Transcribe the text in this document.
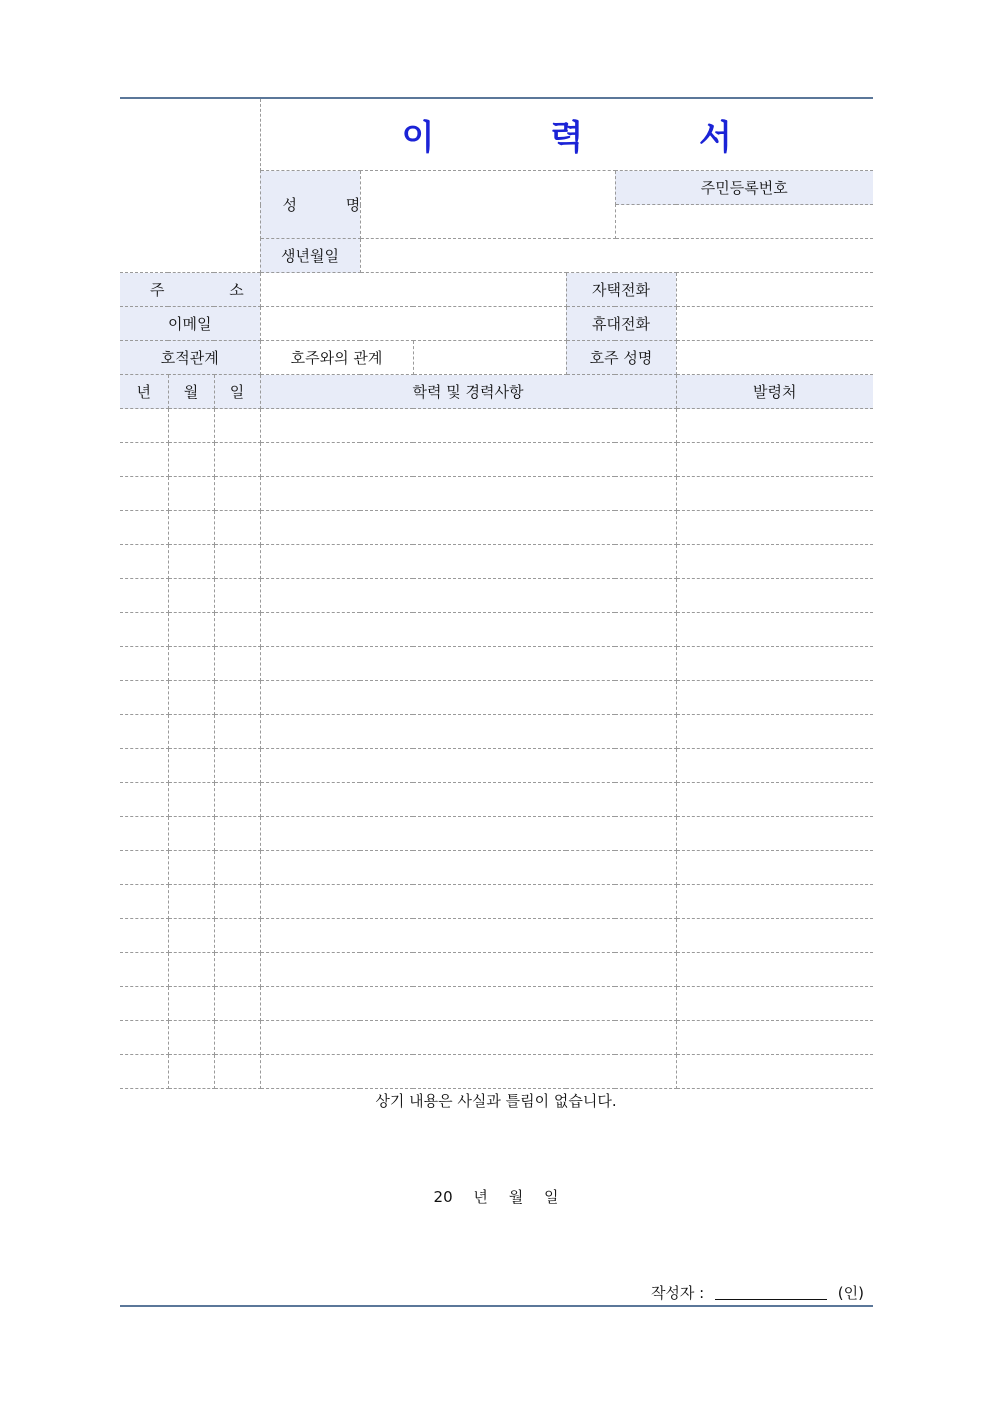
			이 력 서					
			성 명				주민등록번호	

			생년월일					
주 소						자택전화		
이메일						휴대전화		
호적관계			호주와의 관계			호주 성명		
년	월	일	학력 및 경력사항					발령처

상기 내용은 사실과 틀림이 없습니다.
20 년 월 일
작성자 :	(인)
